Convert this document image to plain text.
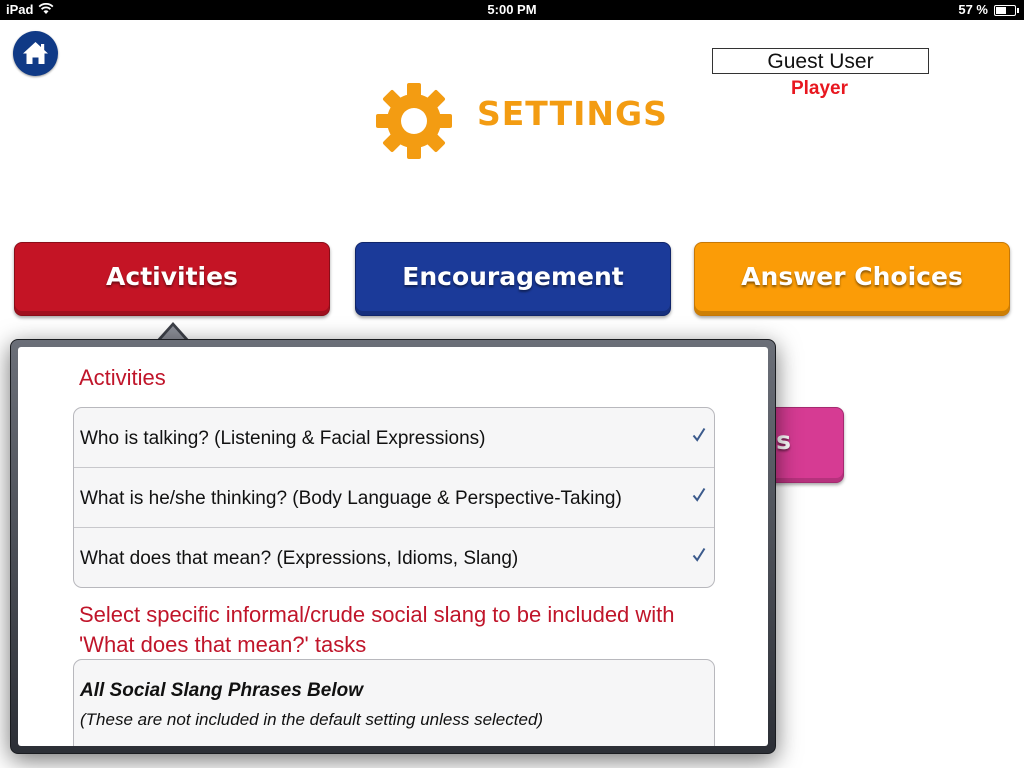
iPad	5:00 PM	57 %
Guest User
Player
SETTINGS
Activities	Encouragement	Answer Choices
s
Activities
Who is talking? (Listening & Facial Expressions)
What is he/she thinking? (Body Language & Perspective-Taking)
What does that mean? (Expressions, Idioms, Slang)
Select specific informal/crude social slang to be included with
'What does that mean?' tasks
All Social Slang Phrases Below
(These are not included in the default setting unless selected)
